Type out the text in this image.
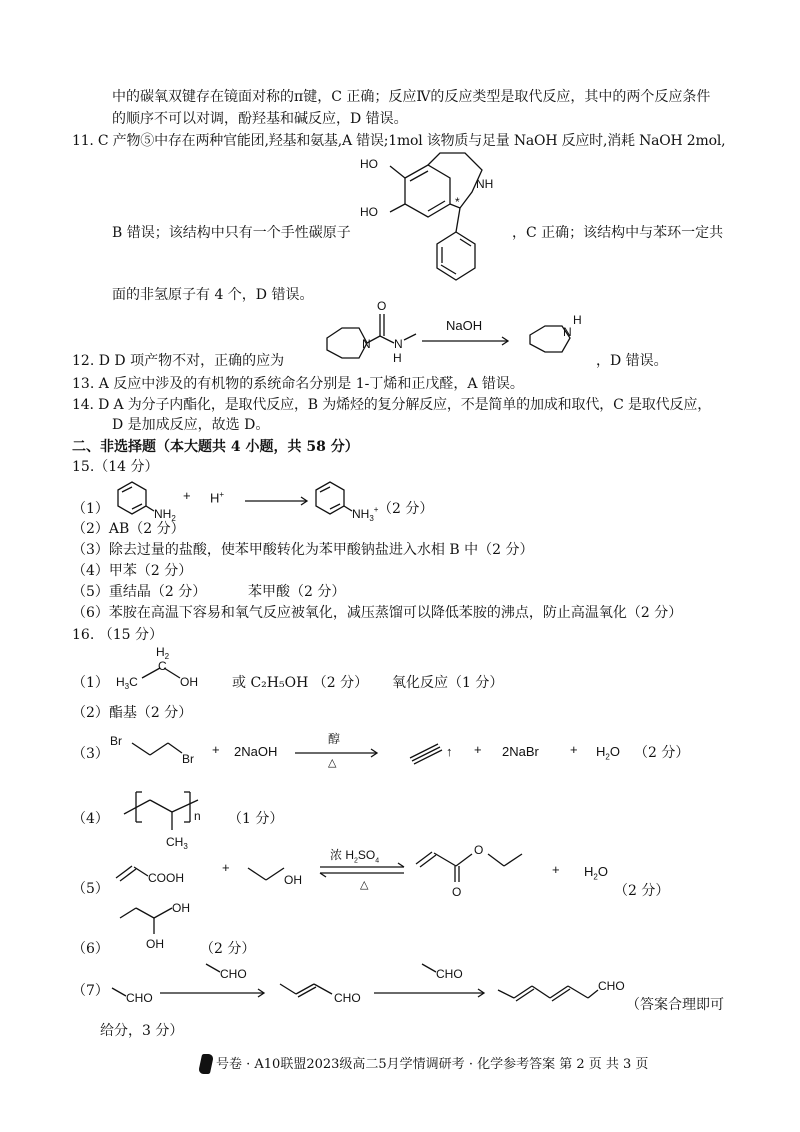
中的碳氧双键存在镜面对称的π键，C 正确；反应Ⅳ的反应类型是取代反应，其中的两个反应条件
的顺序不可以对调，酚羟基和碱反应，D 错误。
11. C 产物⑤中存在两种官能团,羟基和氨基,A 错误;1mol 该物质与足量 NaOH 反应时,消耗 NaOH 2mol,
HO
HO
NH
*
B 错误；该结构中只有一个手性碳原子	，C 正确；该结构中与苯环一定共
面的非氢原子有 4 个，D 错误。
O
N N
H
NaOH	N
H
12. D D 项产物不对，正确的应为	，D 错误。
13. A 反应中涉及的有机物的系统命名分别是 1-丁烯和正戊醛，A 错误。
14. D A 为分子内酯化，是取代反应，B 为烯烃的复分解反应，不是简单的加成和取代，C 是取代反应，
D 是加成反应，故选 D。
二、非选择题（本大题共 4 小题，共 58 分）
15.（14 分）
（1）	$NH_2$
+ H+
$NH_3^+$ （2 分）
（2）AB（2 分）
（3）除去过量的盐酸，使苯甲酸转化为苯甲酸钠盐进入水相 B 中（2 分）
（4）甲苯（2 分）
（5）重结晶（2 分）	苯甲酸（2 分）
（6）苯胺在高温下容易和氧气反应被氧化，减压蒸馏可以降低苯胺的沸点，防止高温氧化（2 分）
16. （15 分）
（1）
$H_2$
C
$H_3C$	OH 或 C₂H₅OH （2 分） 氧化反应（1 分）
（2）酯基（2 分）
（3）
Br
Br
+ 2NaOH
醇
△
↑ + 2NaBr + $H_2O$ （2 分）
（4）	n
$CH_3$
（1 分）
（5）
COOH
+
OH
浓 $H_2SO_4$
△
O
O
+ $H_2O$
（2 分）
（6）
OH
OH	（2 分）
（7） CHO
CHO
CHO
CHO
CHO
（答案合理即可
给分，3 分）
号卷 · A10联盟2023级高二5月学情调研考 · 化学参考答案 第 2 页 共 3 页
